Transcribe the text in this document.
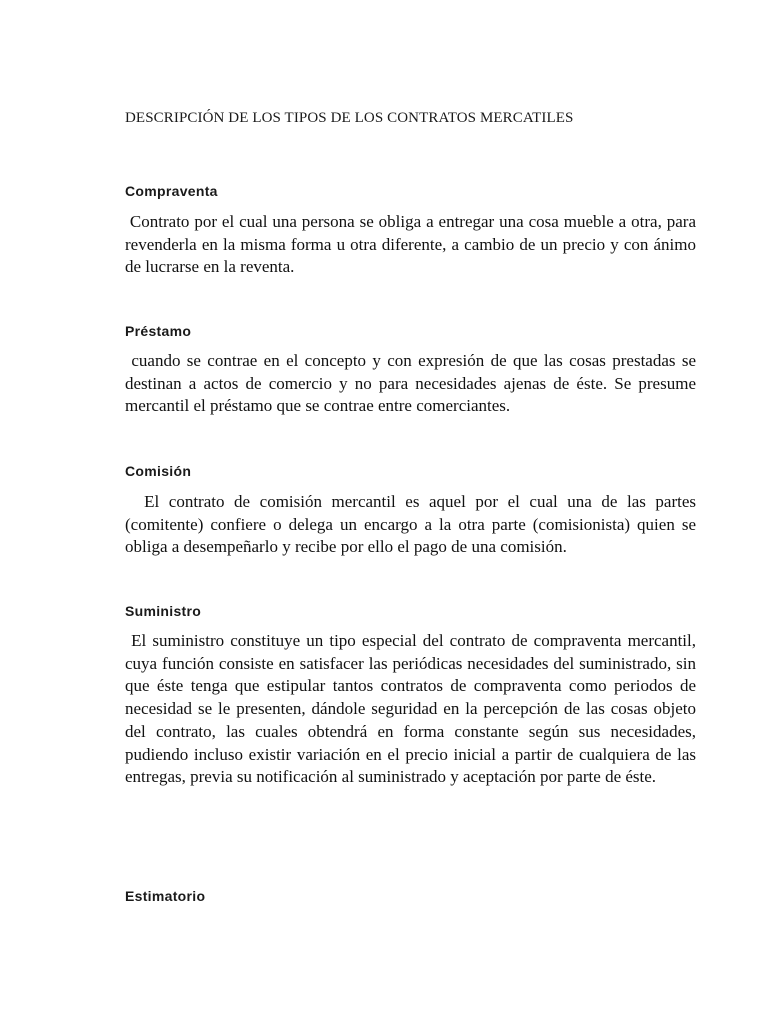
DESCRIPCIÓN DE LOS TIPOS DE LOS CONTRATOS MERCATILES

Compraventa

Contrato por el cual una persona se obliga a entregar una cosa mueble a otra, para revenderla en la misma forma u otra diferente, a cambio de un precio y con ánimo de lucrarse en la reventa.

Préstamo

cuando se contrae en el concepto y con expresión de que las cosas prestadas se destinan a actos de comercio y no para necesidades ajenas de éste. Se presume mercantil el préstamo que se contrae entre comerciantes.

Comisión

El contrato de comisión mercantil es aquel por el cual una de las partes (comitente) confiere o delega un encargo a la otra parte (comisionista) quien se obliga a desempeñarlo y recibe por ello el pago de una comisión.

Suministro

El suministro constituye un tipo especial del contrato de compraventa mercantil, cuya función consiste en satisfacer las periódicas necesidades del suministrado, sin que éste tenga que estipular tantos contratos de compraventa como periodos de necesidad se le presenten, dándole seguridad en la percepción de las cosas objeto del contrato, las cuales obtendrá en forma constante según sus necesidades, pudiendo incluso existir variación en el precio inicial a partir de cualquiera de las entregas, previa su notificación al suministrado y aceptación por parte de éste.

Estimatorio
